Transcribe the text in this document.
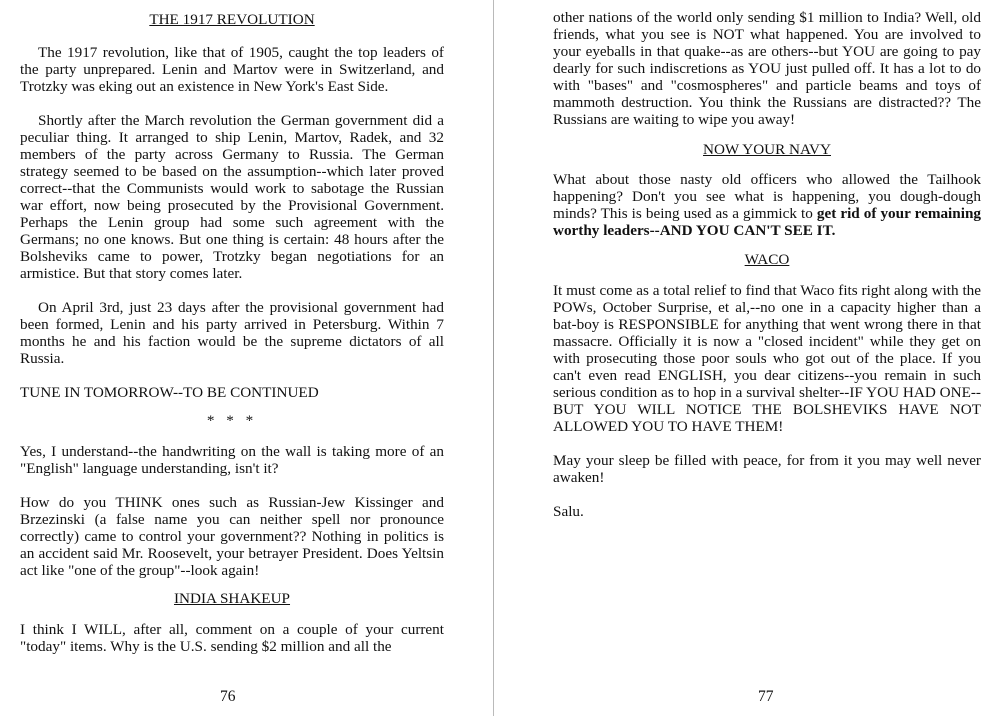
THE 1917 REVOLUTION

The 1917 revolution, like that of 1905, caught the top leaders of the party unprepared. Lenin and Martov were in Switzerland, and Trotzky was eking out an existence in New York's East Side.

Shortly after the March revolution the German government did a peculiar thing. It arranged to ship Lenin, Martov, Radek, and 32 members of the party across Germany to Russia. The German strategy seemed to be based on the assumption--which later proved correct--that the Communists would work to sabotage the Russian war effort, now being prosecuted by the Provisional Government. Perhaps the Lenin group had some such agreement with the Germans; no one knows. But one thing is certain: 48 hours after the Bolsheviks came to power, Trotzky began negotiations for an armistice. But that story comes later.

On April 3rd, just 23 days after the provisional government had been formed, Lenin and his party arrived in Petersburg. Within 7 months he and his faction would be the supreme dictators of all Russia.

TUNE IN TOMORROW--TO BE CONTINUED

* * *

Yes, I understand--the handwriting on the wall is taking more of an "English" language understanding, isn't it?

How do you THINK ones such as Russian-Jew Kissinger and Brzezinski (a false name you can neither spell nor pronounce correctly) came to control your government?? Nothing in politics is an accident said Mr. Roosevelt, your betrayer President. Does Yeltsin act like "one of the group"--look again!

INDIA SHAKEUP

I think I WILL, after all, comment on a couple of your current "today" items. Why is the U.S. sending $2 million and all the

76

other nations of the world only sending $1 million to India? Well, old friends, what you see is NOT what happened. You are involved to your eyeballs in that quake--as are others--but YOU are going to pay dearly for such indiscretions as YOU just pulled off. It has a lot to do with "bases" and "cosmospheres" and particle beams and toys of mammoth destruction. You think the Russians are distracted?? The Russians are waiting to wipe you away!

NOW YOUR NAVY

What about those nasty old officers who allowed the Tailhook happening? Don't you see what is happening, you dough-dough minds? This is being used as a gimmick to get rid of your remaining worthy leaders--AND YOU CAN'T SEE IT.

WACO

It must come as a total relief to find that Waco fits right along with the POWs, October Surprise, et al,--no one in a capacity higher than a bat-boy is RESPONSIBLE for anything that went wrong there in that massacre. Officially it is now a "closed incident" while they get on with prosecuting those poor souls who got out of the place. If you can't even read ENGLISH, you dear citizens--you remain in such serious condition as to hop in a survival shelter--IF YOU HAD ONE--BUT YOU WILL NOTICE THE BOLSHEVIKS HAVE NOT ALLOWED YOU TO HAVE THEM!

May your sleep be filled with peace, for from it you may well never awaken!

Salu.

77
